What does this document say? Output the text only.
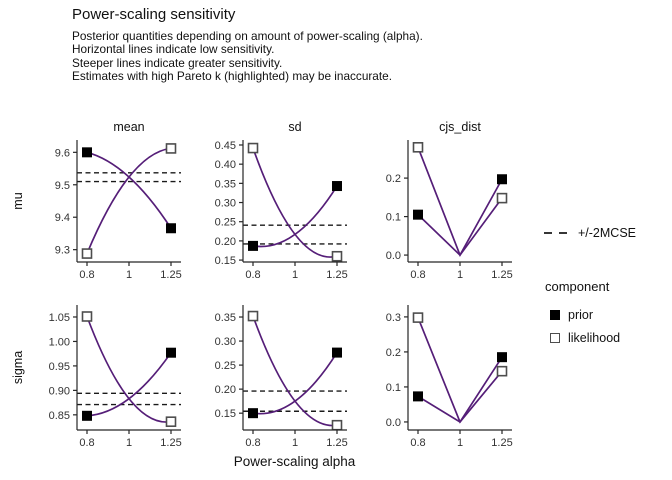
Power-scaling sensitivity
Posterior quantities depending on amount of power-scaling (alpha).
Horizontal lines indicate low sensitivity.
Steeper lines indicate greater sensitivity.
Estimates with high Pareto k (highlighted) may be inaccurate.
mean
9.3
9.4
9.5
9.6
0.8	1	1.25
sd
0.15
0.20
0.25
0.30
0.35
0.40
0.45
0.8	1	1.25
cjs_dist
0.0
0.1
0.2
0.8	1	1.25
0.85
0.90
0.95
1.00
1.05
0.8	1	1.25
0.15
0.20
0.25
0.30
0.35
0.8	1	1.25
0.0
0.1
0.2
0.3
0.8	1	1.25
mu
sigma
Power-scaling alpha
+/-2MCSE
component
prior
likelihood
